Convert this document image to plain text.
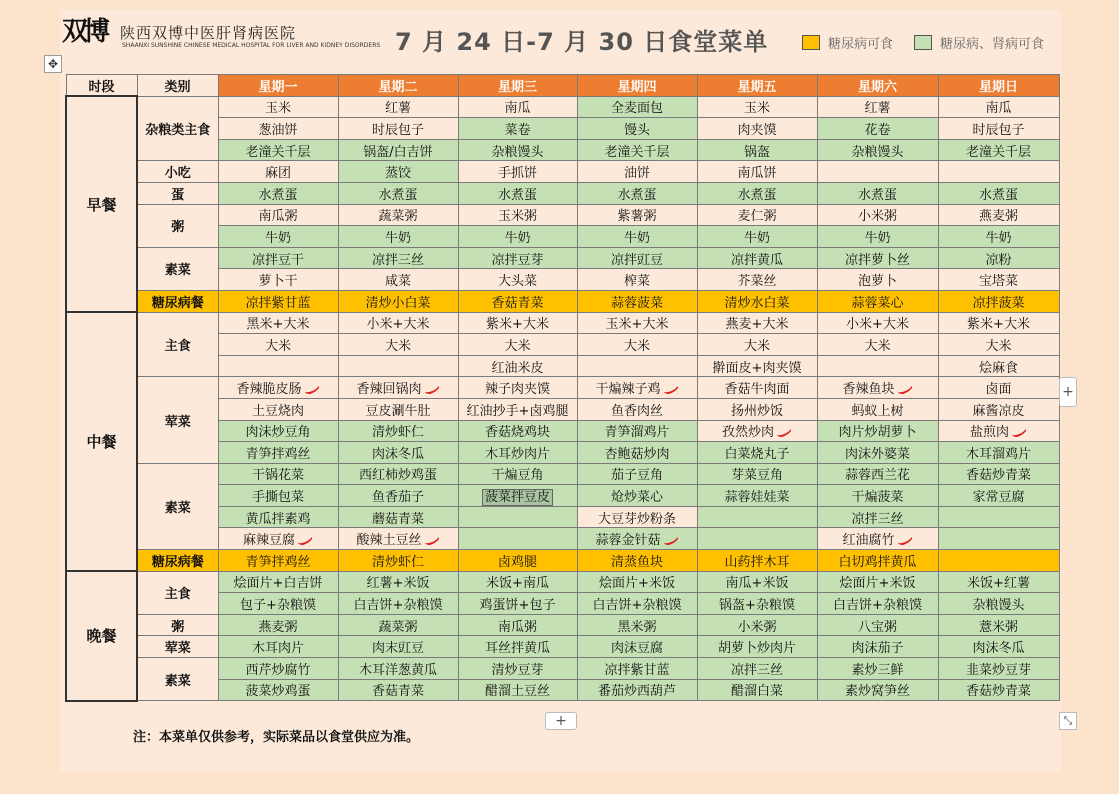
双博 陕西双博中医肝肾病医院
SHAANXI SUNSHINE CHINESE MEDICAL HOSPITAL FOR LIVER AND KIDNEY DISORDERS 7 月 24 日-7 月 30 日食堂菜单	糖尿病可食	糖尿病、肾病可食
✥
时段	类别	星期一	星期二	星期三	星期四	星期五	星期六	星期日
早餐	杂粮类主食	玉米	红薯	南瓜	全麦面包	玉米	红薯	南瓜
		葱油饼	时辰包子	菜卷	馒头	肉夹馍	花卷	时辰包子
		老潼关千层	锅盔/白吉饼	杂粮馒头	老潼关千层	锅盔	杂粮馒头	老潼关千层
	小吃	麻团	蒸饺	手抓饼	油饼	南瓜饼		
	蛋	水煮蛋	水煮蛋	水煮蛋	水煮蛋	水煮蛋	水煮蛋	水煮蛋
	粥	南瓜粥	蔬菜粥	玉米粥	紫薯粥	麦仁粥	小米粥	燕麦粥
		牛奶	牛奶	牛奶	牛奶	牛奶	牛奶	牛奶
	素菜	凉拌豆干	凉拌三丝	凉拌豆芽	凉拌豇豆	凉拌黄瓜	凉拌萝卜丝	凉粉
		萝卜干	咸菜	大头菜	榨菜	芥菜丝	泡萝卜	宝塔菜
	糖尿病餐	凉拌紫甘蓝	清炒小白菜	香菇青菜	蒜蓉菠菜	清炒水白菜	蒜蓉菜心	凉拌菠菜
中餐	主食	黑米+大米	小米+大米	紫米+大米	玉米+大米	燕麦+大米	小米+大米	紫米+大米
		大米	大米	大米	大米	大米	大米	大米
				红油米皮		擀面皮+肉夹馍		烩麻食
	荤菜	香辣脆皮肠	香辣回锅肉	辣子肉夹馍	干煸辣子鸡	香菇牛肉面	香辣鱼块	卤面
		土豆烧肉	豆皮涮牛肚	红油抄手+卤鸡腿	鱼香肉丝	扬州炒饭	蚂蚁上树	麻酱凉皮
		肉沫炒豆角	清炒虾仁	香菇烧鸡块	青笋溜鸡片	孜然炒肉	肉片炒胡萝卜	盐煎肉
		青笋拌鸡丝	肉沫冬瓜	木耳炒肉片	杏鲍菇炒肉	白菜烧丸子	肉沫外婆菜	木耳溜鸡片
	素菜	干锅花菜	西红柿炒鸡蛋	干煸豆角	茄子豆角	芽菜豆角	蒜蓉西兰花	香菇炒青菜
		手撕包菜	鱼香茄子	菠菜拌豆皮	炝炒菜心	蒜蓉娃娃菜	干煸菠菜	家常豆腐
		黄瓜拌素鸡	蘑菇青菜		大豆芽炒粉条		凉拌三丝	
		麻辣豆腐	酸辣土豆丝		蒜蓉金针菇		红油腐竹	
	糖尿病餐	青笋拌鸡丝	清炒虾仁	卤鸡腿	清蒸鱼块	山药拌木耳	白切鸡拌黄瓜	
晚餐	主食	烩面片+白吉饼	红薯+米饭	米饭+南瓜	烩面片+米饭	南瓜+米饭	烩面片+米饭	米饭+红薯
		包子+杂粮馍	白吉饼+杂粮馍	鸡蛋饼+包子	白吉饼+杂粮馍	锅盔+杂粮馍	白吉饼+杂粮馍	杂粮馒头
	粥	燕麦粥	蔬菜粥	南瓜粥	黑米粥	小米粥	八宝粥	薏米粥
	荤菜	木耳肉片	肉末豇豆	耳丝拌黄瓜	肉沫豆腐	胡萝卜炒肉片	肉沫茄子	肉沫冬瓜
	素菜	西芹炒腐竹	木耳洋葱黄瓜	清炒豆芽	凉拌紫甘蓝	凉拌三丝	素炒三鲜	韭菜炒豆芽
		菠菜炒鸡蛋	香菇青菜	醋溜土豆丝	番茄炒西葫芦	醋溜白菜	素炒窝笋丝	香菇炒青菜
+
+	⤡
注：本菜单仅供参考，实际菜品以食堂供应为准。
